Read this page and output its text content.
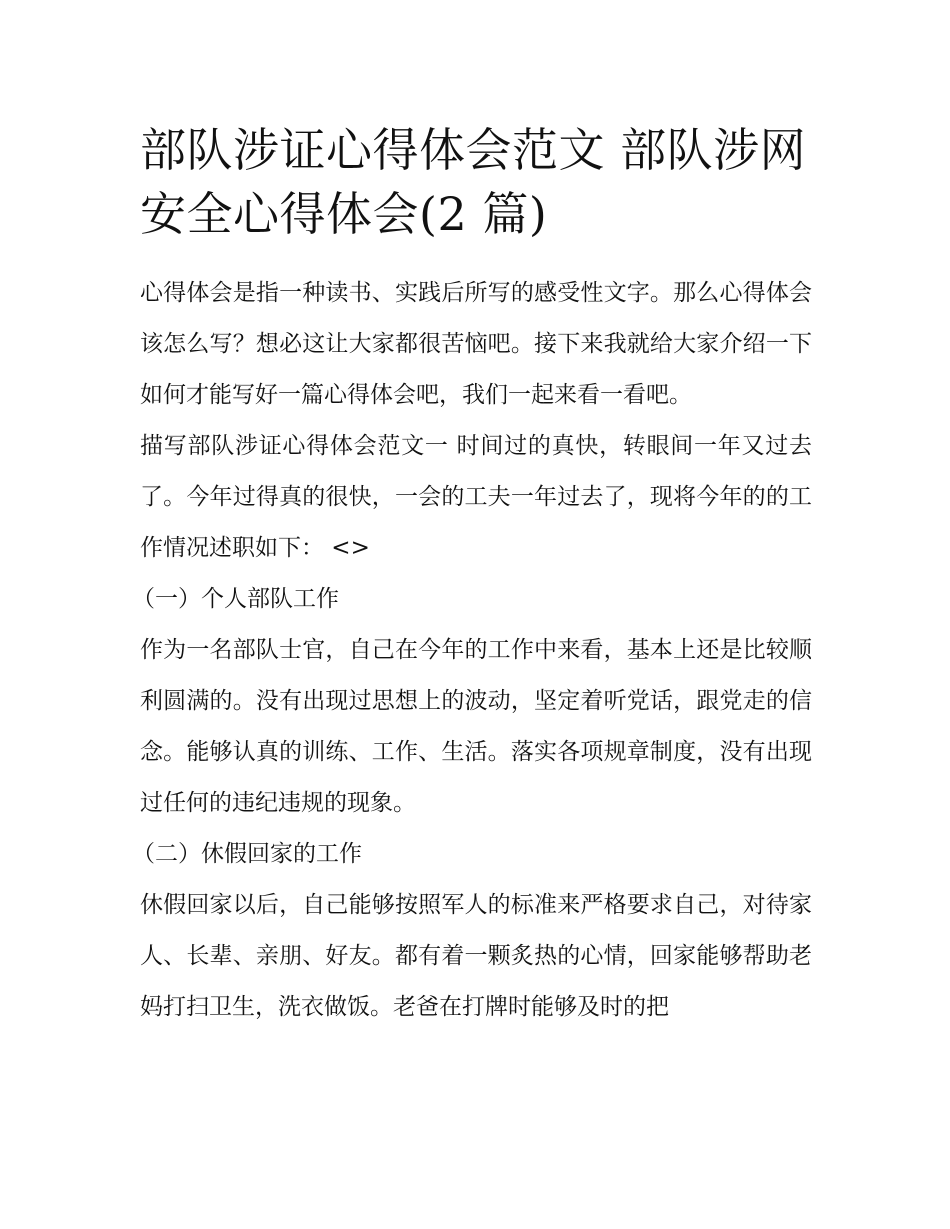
部队涉证心得体会范文 部队涉网安全心得体会(2 篇)

心得体会是指一种读书、实践后所写的感受性文字。那么心得体会该怎么写？想必这让大家都很苦恼吧。接下来我就给大家介绍一下如何才能写好一篇心得体会吧，我们一起来看一看吧。

描写部队涉证心得体会范文一 时间过的真快，转眼间一年又过去了。今年过得真的很快，一会的工夫一年过去了，现将今年的的工作情况述职如下： <>

（一）个人部队工作

作为一名部队士官，自己在今年的工作中来看，基本上还是比较顺利圆满的。没有出现过思想上的波动，坚定着听党话，跟党走的信念。能够认真的训练、工作、生活。落实各项规章制度，没有出现过任何的违纪违规的现象。

（二）休假回家的工作

休假回家以后，自己能够按照军人的标准来严格要求自己，对待家人、长辈、亲朋、好友。都有着一颗炙热的心情，回家能够帮助老妈打扫卫生，洗衣做饭。老爸在打牌时能够及时的把
